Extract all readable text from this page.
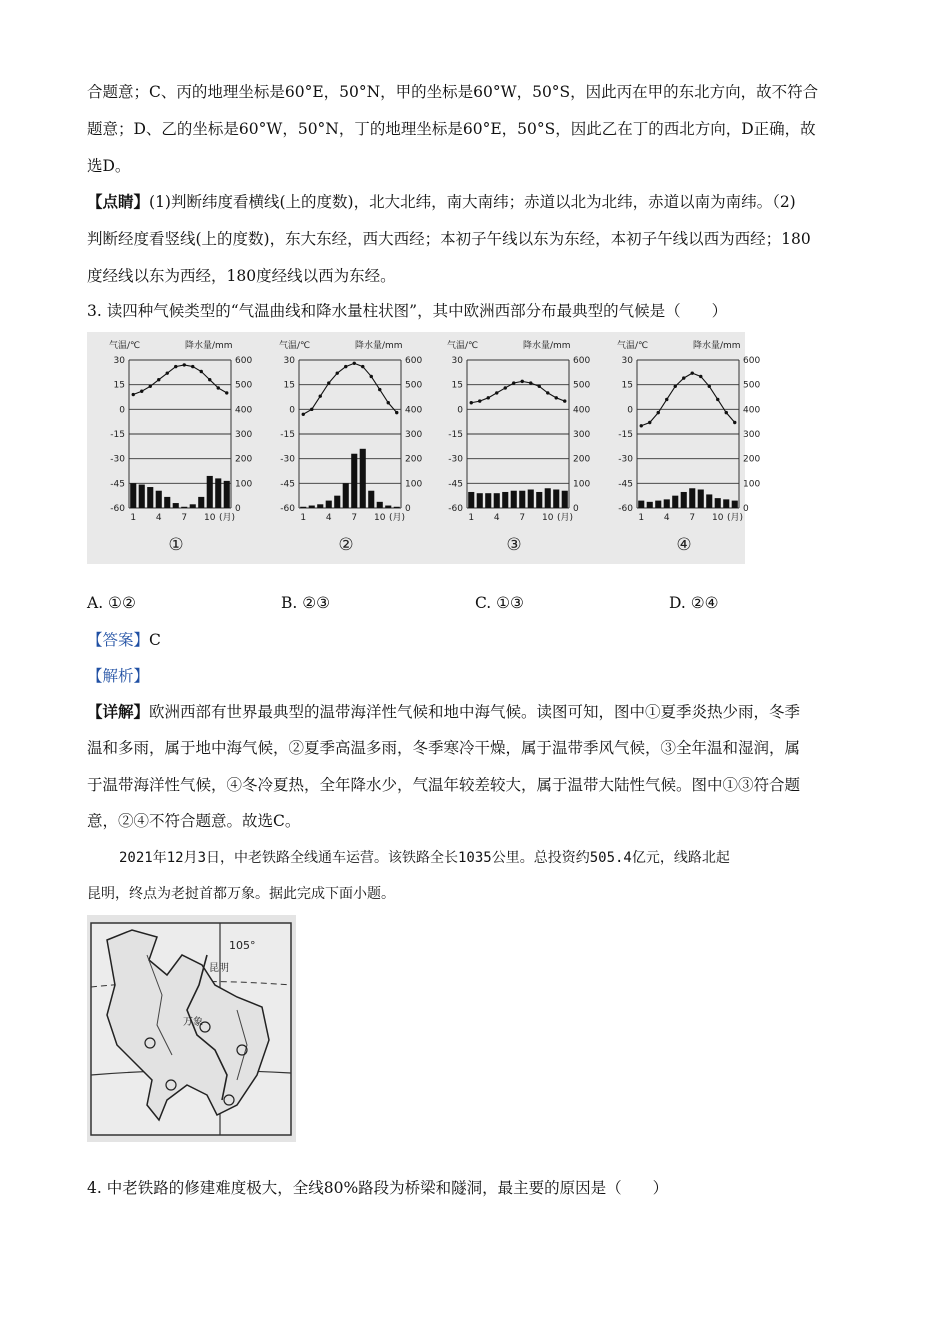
合题意；C、丙的地理坐标是60°E，50°N，甲的坐标是60°W，50°S，因此丙在甲的东北方向，故不符合
题意；D、乙的坐标是60°W，50°N，丁的地理坐标是60°E，50°S，因此乙在丁的西北方向，D正确，故
选D。
【点睛】(1)判断纬度看横线(上的度数)，北大北纬，南大南纬；赤道以北为北纬，赤道以南为南纬。（2)
判断经度看竖线(上的度数)，东大东经，西大西经；本初子午线以东为东经，本初子午线以西为西经；180
度经线以东为西经，180度经线以西为东经。
3. 读四种气候类型的“气温曲线和降水量柱状图”，其中欧洲西部分布最典型的气候是（　　）
气温/℃	降水量/mm
30	600
15	500
0	400
-15	300
-30	200
-45	100
-60	0
1 4 7 10 (月)
①
气温/℃	降水量/mm
30	600
15	500
0	400
-15	300
-30	200
-45	100
-60	0
1 4 7 10 (月)
②
气温/℃	降水量/mm
30	600
15	500
0	400
-15	300
-30	200
-45	100
-60	0
1 4 7 10 (月)
③
气温/℃	降水量/mm
30	600
15	500
0	400
-15	300
-30	200
-45	100
-60	0
1 4 7 10 (月)
④
A. ①②	B. ②③	C. ①③	D. ②④
【答案】C
【解析】
【详解】欧洲西部有世界最典型的温带海洋性气候和地中海气候。读图可知，图中①夏季炎热少雨，冬季
温和多雨，属于地中海气候，②夏季高温多雨，冬季寒冷干燥，属于温带季风气候，③全年温和湿润，属
于温带海洋性气候，④冬冷夏热，全年降水少，气温年较差较大，属于温带大陆性气候。图中①③符合题
意，②④不符合题意。故选C。
2021年12月3日，中老铁路全线通车运营。该铁路全长1035公里。总投资约505.4亿元，线路北起
昆明，终点为老挝首都万象。据此完成下面小题。
105°
昆明
万象
4. 中老铁路的修建难度极大，全线80%路段为桥梁和隧洞，最主要的原因是（　　）
